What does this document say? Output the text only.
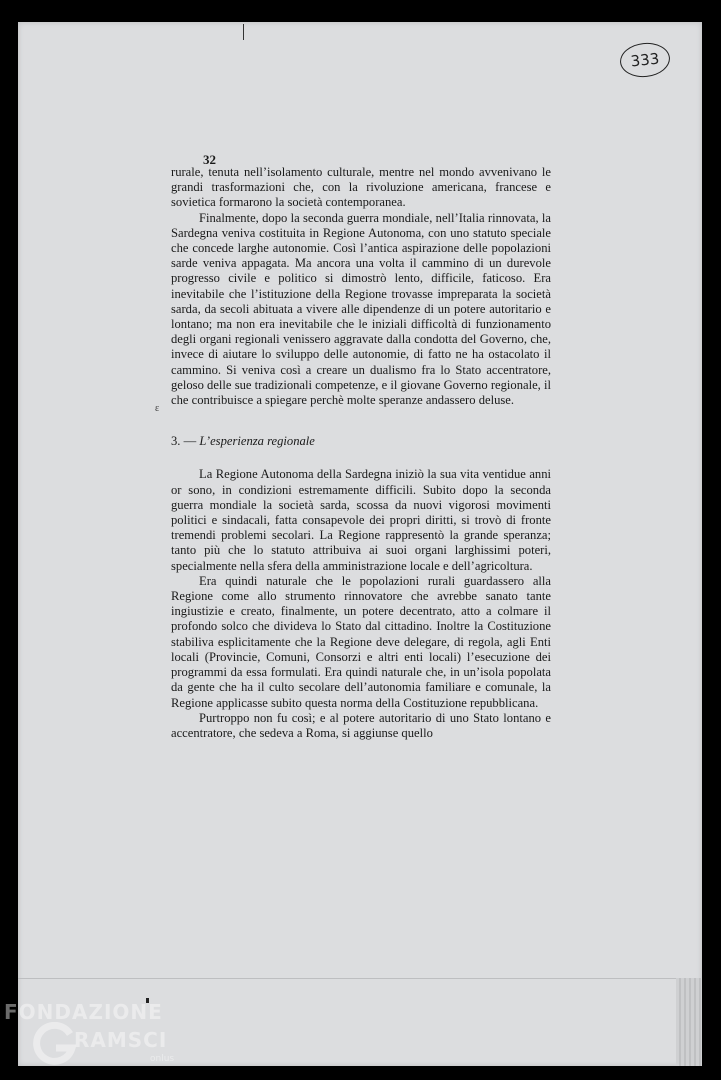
333
32
ɛ

rurale, tenuta nell’isolamento culturale, mentre nel mondo avvenivano le grandi trasformazioni che, con la rivoluzione americana, francese e sovietica formarono la società contemporanea.

Finalmente, dopo la seconda guerra mondiale, nell’Italia rinnovata, la Sardegna veniva costituita in Regione Autonoma, con uno statuto speciale che concede larghe autonomie. Così l’antica aspirazione delle popolazioni sarde veniva appagata. Ma ancora una volta il cammino di un durevole progresso civile e politico si dimostrò lento, difficile, faticoso. Era inevitabile che l’istituzione della Regione trovasse impreparata la società sarda, da secoli abituata a vivere alle dipendenze di un potere autoritario e lontano; ma non era inevitabile che le iniziali difficoltà di funzionamento degli organi regionali venissero aggravate dalla condotta del Governo, che, invece di aiutare lo sviluppo delle autonomie, di fatto ne ha ostacolato il cammino. Si veniva così a creare un dualismo fra lo Stato accentratore, geloso delle sue tradizionali competenze, e il giovane Governo regionale, il che contribuisce a spiegare perchè molte speranze andassero deluse.

3. — L’esperienza regionale

La Regione Autonoma della Sardegna iniziò la sua vita ventidue anni or sono, in condizioni estremamente difficili. Subito dopo la seconda guerra mondiale la società sarda, scossa da nuovi vigorosi movimenti politici e sindacali, fatta consapevole dei propri diritti, si trovò di fronte tremendi problemi secolari. La Regione rappresentò la grande speranza; tanto più che lo statuto attribuiva ai suoi organi larghissimi poteri, specialmente nella sfera della amministrazione locale e dell’agricoltura.

Era quindi naturale che le popolazioni rurali guardassero alla Regione come allo strumento rinnovatore che avrebbe sanato tante ingiustizie e creato, finalmente, un potere decentrato, atto a colmare il profondo solco che divideva lo Stato dal cittadino. Inoltre la Costituzione stabiliva esplicitamente che la Regione deve delegare, di regola, agli Enti locali (Provincie, Comuni, Consorzi e altri enti locali) l’esecuzione dei programmi da essa formulati. Era quindi naturale che, in un’isola popolata da gente che ha il culto secolare dell’autonomia familiare e comunale, la Regione applicasse subito questa norma della Costituzione repubblicana.

Purtroppo non fu così; e al potere autoritario di uno Stato lontano e accentratore, che sedeva a Roma, si aggiunse quello

FONDAZIONE
RAMSCI
onlus
